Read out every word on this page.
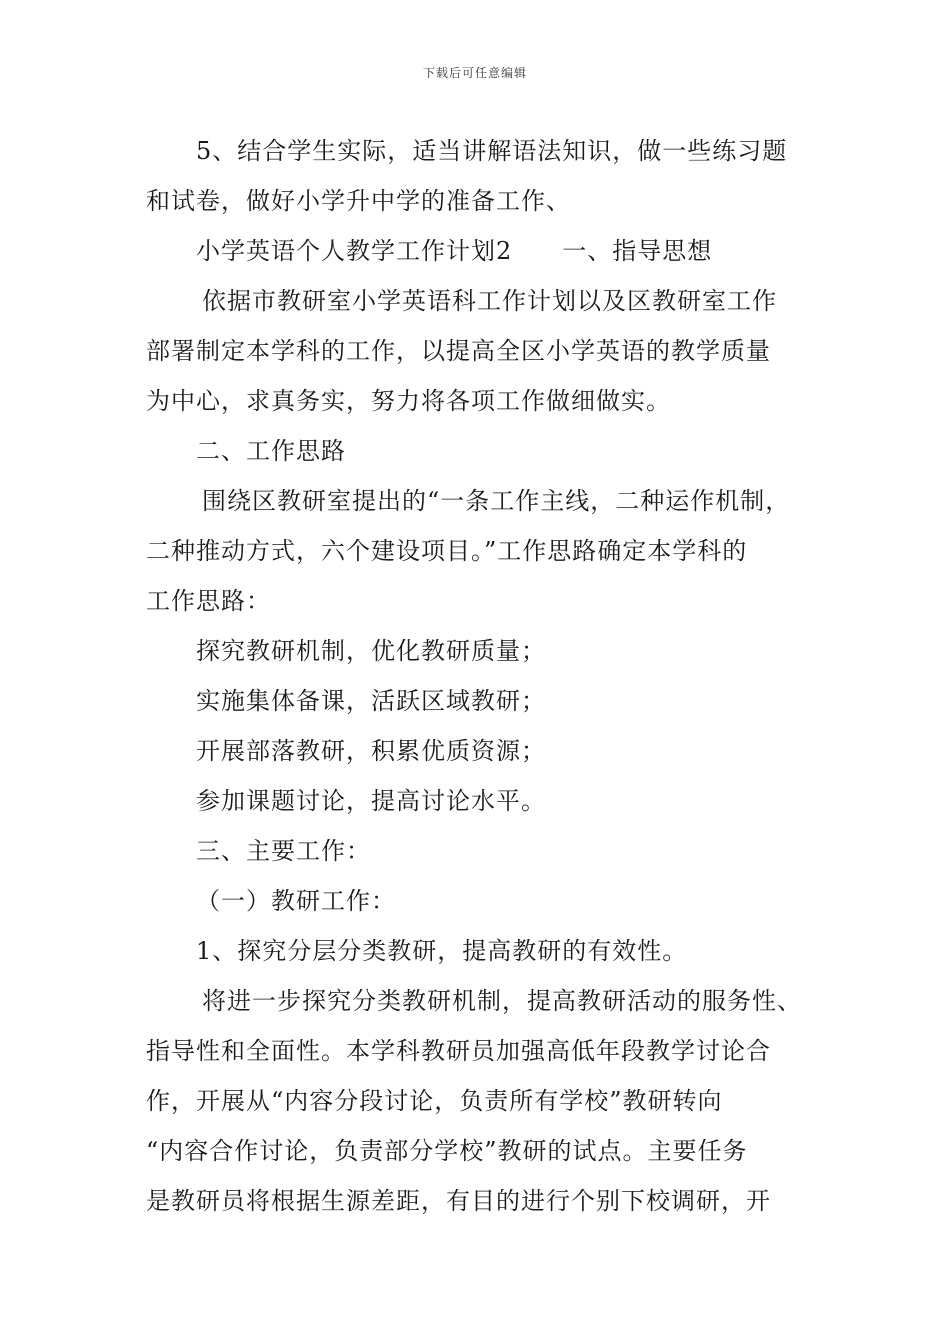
下载后可任意编辑
5、结合学生实际，适当讲解语法知识，做一些练习题
和试卷，做好小学升中学的准备工作、
小学英语个人教学工作计划2　　一、指导思想
依据市教研室小学英语科工作计划以及区教研室工作
部署制定本学科的工作，以提高全区小学英语的教学质量
为中心，求真务实，努力将各项工作做细做实。
二、工作思路
围绕区教研室提出的“一条工作主线，二种运作机制，
二种推动方式，六个建设项目。”工作思路确定本学科的
工作思路：
探究教研机制，优化教研质量；
实施集体备课，活跃区域教研；
开展部落教研，积累优质资源；
参加课题讨论，提高讨论水平。
三、主要工作：
（一）教研工作：
1、探究分层分类教研，提高教研的有效性。
将进一步探究分类教研机制，提高教研活动的服务性、
指导性和全面性。本学科教研员加强高低年段教学讨论合
作，开展从“内容分段讨论，负责所有学校”教研转向
“内容合作讨论，负责部分学校”教研的试点。主要任务
是教研员将根据生源差距，有目的进行个别下校调研，开
